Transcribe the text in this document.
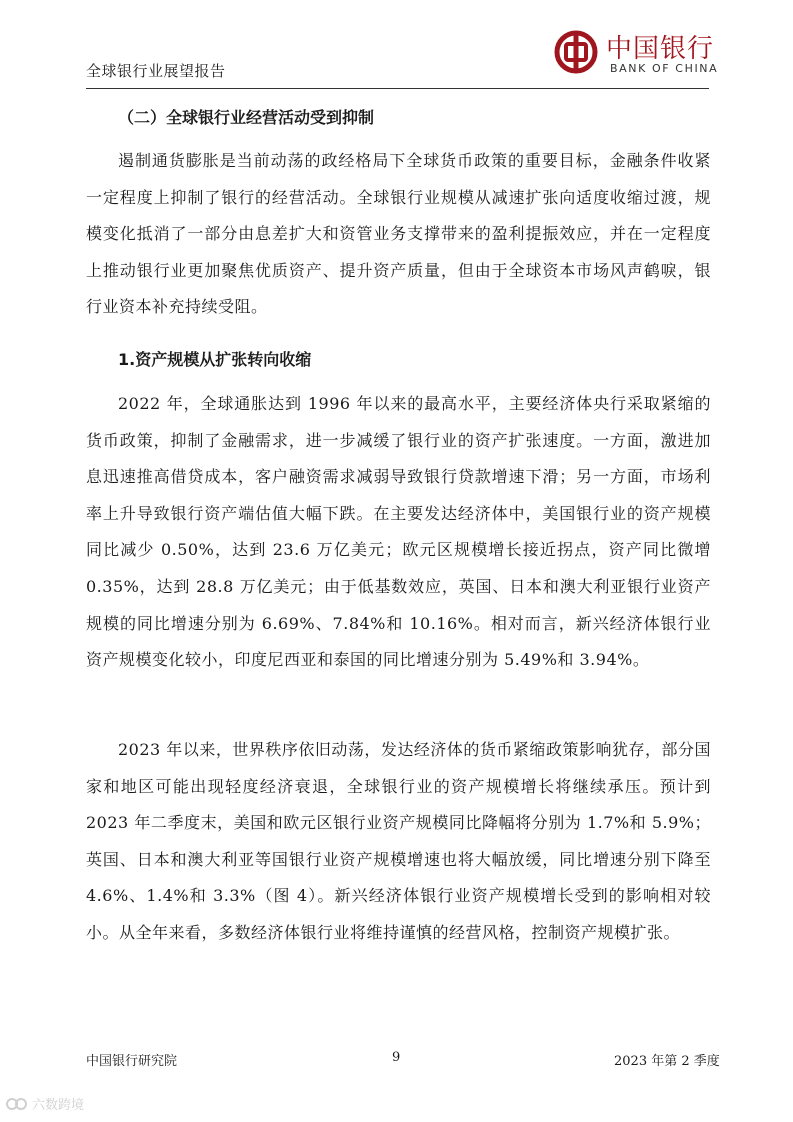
全球银行业展望报告
中国银行
BANK OF CHINA
（二）全球银行业经营活动受到抑制
遏制通货膨胀是当前动荡的政经格局下全球货币政策的重要目标，金融条件收紧一定程度上抑制了银行的经营活动。全球银行业规模从减速扩张向适度收缩过渡，规模变化抵消了一部分由息差扩大和资管业务支撑带来的盈利提振效应，并在一定程度上推动银行业更加聚焦优质资产、提升资产质量，但由于全球资本市场风声鹤唳，银行业资本补充持续受阻。
1.资产规模从扩张转向收缩
2022 年，全球通胀达到 1996 年以来的最高水平，主要经济体央行采取紧缩的货币政策，抑制了金融需求，进一步减缓了银行业的资产扩张速度。一方面，激进加息迅速推高借贷成本，客户融资需求减弱导致银行贷款增速下滑；另一方面，市场利率上升导致银行资产端估值大幅下跌。在主要发达经济体中，美国银行业的资产规模同比减少 0.50%，达到 23.6 万亿美元；欧元区规模增长接近拐点，资产同比微增 0.35%，达到 28.8 万亿美元；由于低基数效应，英国、日本和澳大利亚银行业资产规模的同比增速分别为 6.69%、7.84%和 10.16%。相对而言，新兴经济体银行业资产规模变化较小，印度尼西亚和泰国的同比增速分别为 5.49%和 3.94%。
2023 年以来，世界秩序依旧动荡，发达经济体的货币紧缩政策影响犹存，部分国家和地区可能出现轻度经济衰退，全球银行业的资产规模增长将继续承压。预计到 2023 年二季度末，美国和欧元区银行业资产规模同比降幅将分别为 1.7%和 5.9%；英国、日本和澳大利亚等国银行业资产规模增速也将大幅放缓，同比增速分别下降至 4.6%、1.4%和 3.3%（图 4）。新兴经济体银行业资产规模增长受到的影响相对较小。从全年来看，多数经济体银行业将维持谨慎的经营风格，控制资产规模扩张。
中国银行研究院	9	2023 年第 2 季度
六数跨境
